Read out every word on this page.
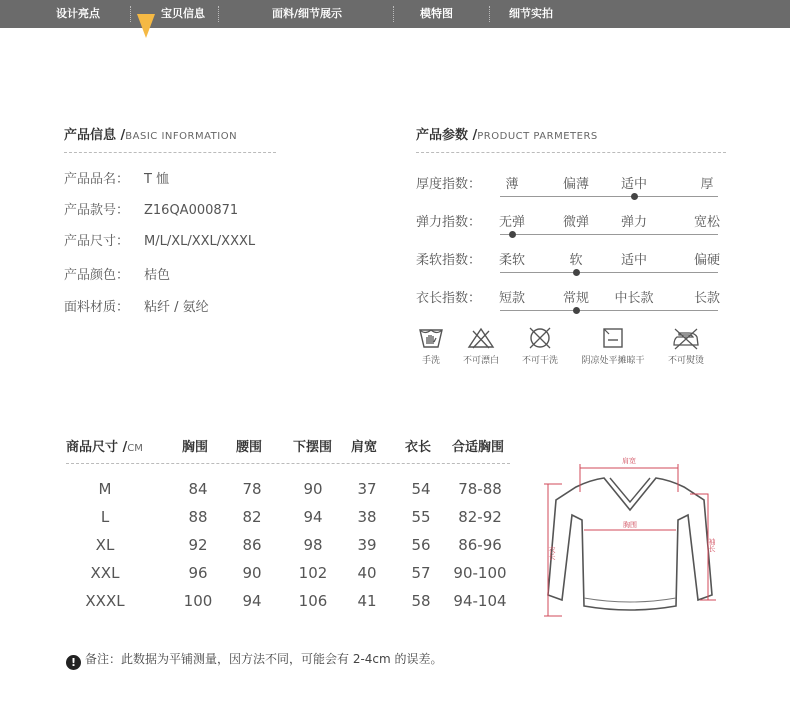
设计亮点	宝贝信息	面料/细节展示	模特图	细节实拍
产品信息 /BASIC INFORMATION
产品品名： T 恤
产品款号： Z16QA000871
产品尺寸： M/L/XL/XXL/XXXL
产品颜色： 桔色
面料材质： 粘纤 / 氨纶
产品参数 /PRODUCT PARMETERS
厚度指数：	薄	偏薄	适中	厚
弹力指数：	无弹	微弹	弹力	宽松
柔软指数：	柔软	软	适中	偏硬
衣长指数：	短款	常规	中长款	长款
手洗	不可漂白	不可干洗	阴凉处平摊晾干	不可熨烫
商品尺寸 /CM	胸围 腰围 下摆围 肩宽 衣长 合适胸围
M	84	78	90	37	54	78-88
L	88	82	94	38	55	82-92
XL	92	86	98	39	56	86-96
XXL	96	90	102	40	57	90-100
XXXL	100	94	106	41	58	94-104
肩宽
胸围
衣长
袖长
! 备注：此数据为平铺测量，因方法不同，可能会有 2-4cm 的误差。
